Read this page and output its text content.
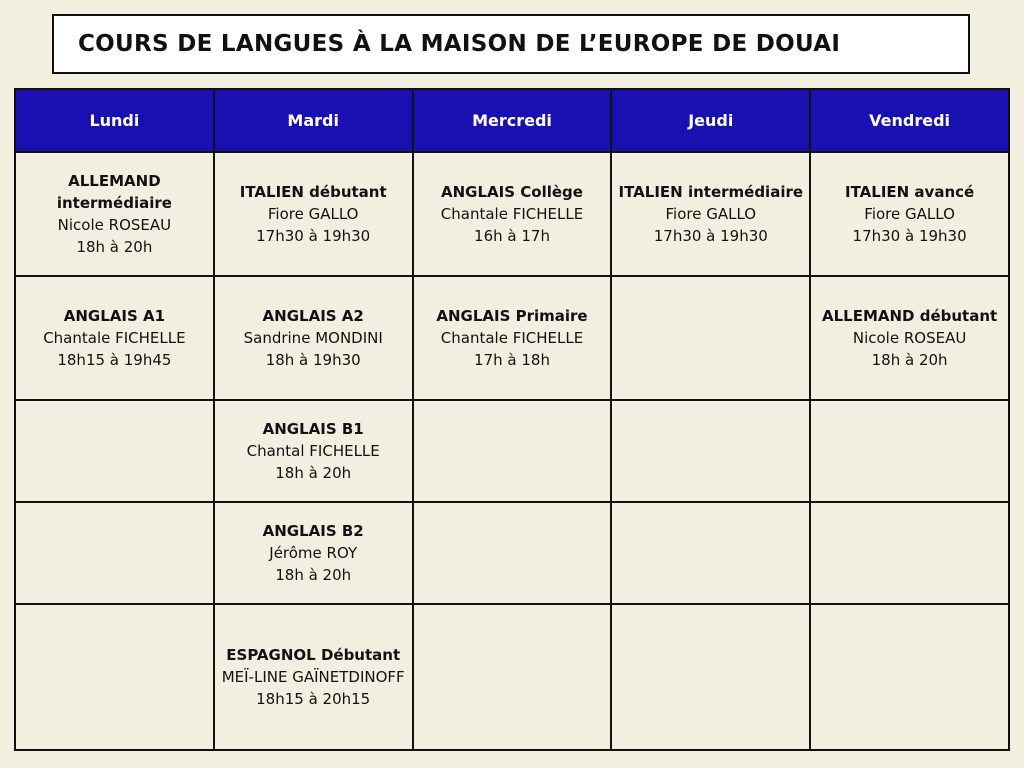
COURS DE LANGUES À LA MAISON DE L’EUROPE DE DOUAI
Lundi	Mardi	Mercredi	Jeudi	Vendredi

ALLEMAND intermédiaire
Nicole ROSEAU
18h à 20h	ITALIEN débutant
Fiore GALLO
17h30 à 19h30	ANGLAIS Collège
Chantale FICHELLE
16h à 17h	ITALIEN intermédiaire
Fiore GALLO
17h30 à 19h30	ITALIEN avancé
Fiore GALLO
17h30 à 19h30

ANGLAIS A1
Chantale FICHELLE
18h15 à 19h45	ANGLAIS A2
Sandrine MONDINI
18h à 19h30	ANGLAIS Primaire
Chantale FICHELLE
17h à 18h		ALLEMAND débutant
Nicole ROSEAU
18h à 20h

	ANGLAIS B1
Chantal FICHELLE
18h à 20h			

	ANGLAIS B2
Jérôme ROY
18h à 20h			

	ESPAGNOL Débutant
MEÏ-LINE GAÏNETDINOFF
18h15 à 20h15			
